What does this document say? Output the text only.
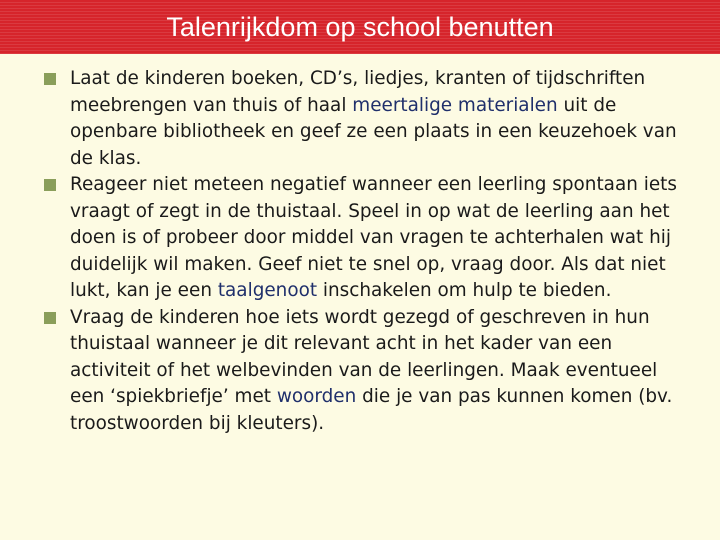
Talenrijkdom op school benutten
Laat de kinderen boeken, CD’s, liedjes, kranten of tijdschriften meebrengen van thuis of haal meertalige materialen uit de openbare bibliotheek en geef ze een plaats in een keuzehoek van de klas.
Reageer niet meteen negatief wanneer een leerling spontaan iets vraagt of zegt in de thuistaal. Speel in op wat de leerling aan het doen is of probeer door middel van vragen te achterhalen wat hij duidelijk wil maken. Geef niet te snel op, vraag door. Als dat niet lukt, kan je een taalgenoot inschakelen om hulp te bieden.
Vraag de kinderen hoe iets wordt gezegd of geschreven in hun thuistaal wanneer je dit relevant acht in het kader van een activiteit of het welbevinden van de leerlingen. Maak eventueel een ‘spiekbriefje’ met woorden die je van pas kunnen komen (bv. troostwoorden bij kleuters).
